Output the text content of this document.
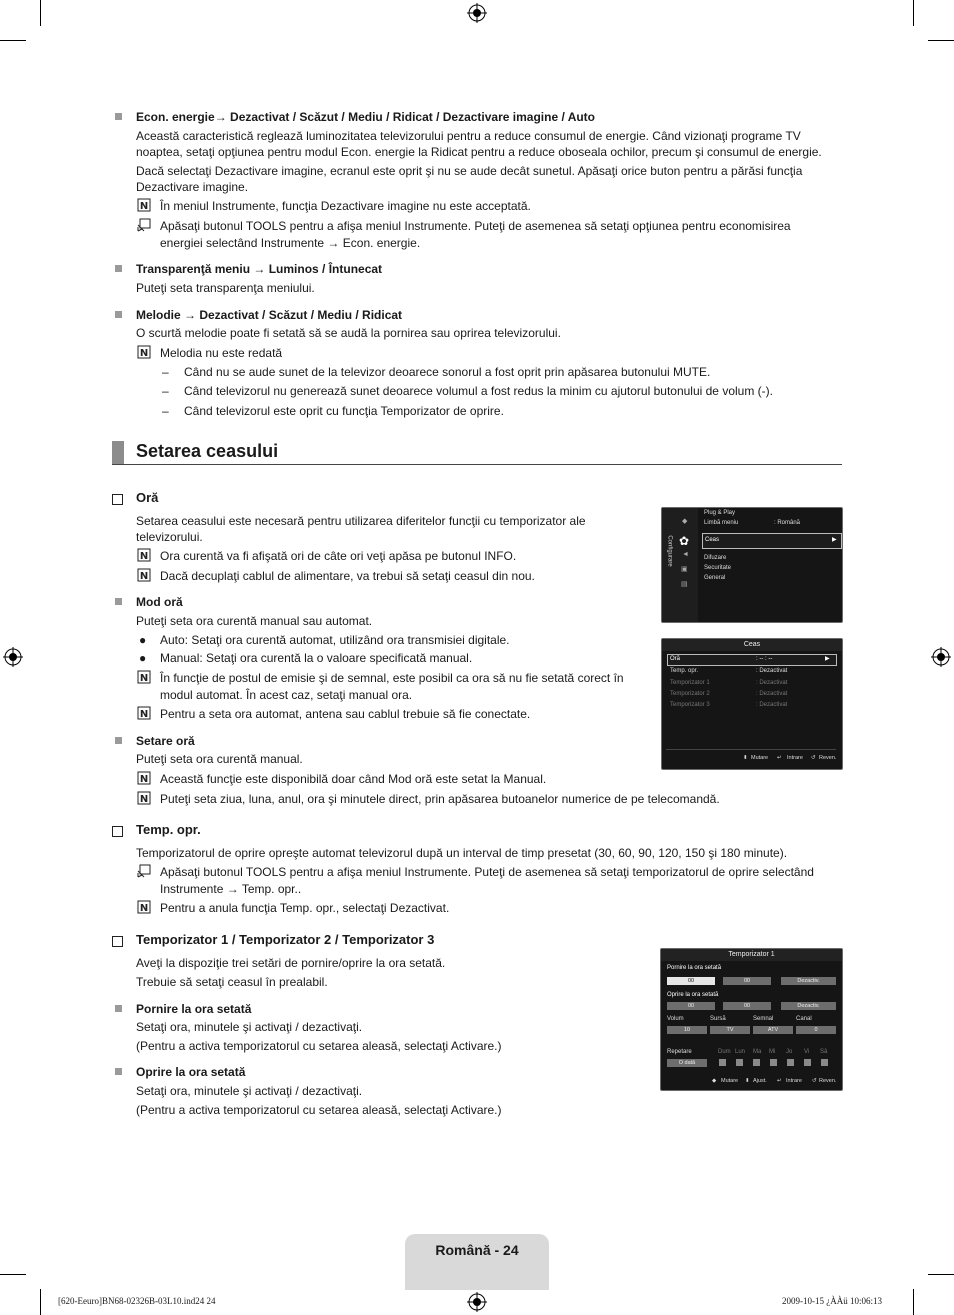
Econ. energie→ Dezactivat / Scăzut / Mediu / Ridicat / Dezactivare imagine / Auto
Această caracteristică reglează luminozitatea televizorului pentru a reduce consumul de energie. Când vizionaţi programe TV
noaptea, setaţi opţiunea pentru modul Econ. energie la Ridicat pentru a reduce oboseala ochilor, precum şi consumul de energie.
Dacă selectaţi Dezactivare imagine, ecranul este oprit şi nu se aude decât sunetul. Apăsaţi orice buton pentru a părăsi funcţia
Dezactivare imagine.
N În meniul Instrumente, funcţia Dezactivare imagine nu este acceptată.
Apăsaţi butonul TOOLS pentru a afişa meniul Instrumente. Puteţi de asemenea să setaţi opţiunea pentru economisirea
energiei selectând Instrumente → Econ. energie.
Transparenţă meniu → Luminos / Întunecat
Puteţi seta transparenţa meniului.
Melodie → Dezactivat / Scăzut / Mediu / Ridicat
O scurtă melodie poate fi setată să se audă la pornirea sau oprirea televizorului.
N Melodia nu este redată
– Când nu se aude sunet de la televizor deoarece sonorul a fost oprit prin apăsarea butonului MUTE.
– Când televizorul nu generează sunet deoarece volumul a fost redus la minim cu ajutorul butonului de volum (-).
– Când televizorul este oprit cu funcţia Temporizator de oprire.
Setarea ceasului
Oră
Setarea ceasului este necesară pentru utilizarea diferitelor funcţii cu temporizator ale
televizorului.
N Ora curentă va fi afişată ori de câte ori veţi apăsa pe butonul INFO.
N Dacă decuplaţi cablul de alimentare, va trebui să setaţi ceasul din nou.
Mod oră
Puteţi seta ora curentă manual sau automat.
● Auto: Setaţi ora curentă automat, utilizând ora transmisiei digitale.
● Manual: Setaţi ora curentă la o valoare specificată manual.
N În funcţie de postul de emisie şi de semnal, este posibil ca ora să nu fie setată corect în
modul automat. În acest caz, setaţi manual ora.
N Pentru a seta ora automat, antena sau cablul trebuie să fie conectate.
Setare oră
Puteţi seta ora curentă manual.
N Această funcţie este disponibilă doar când Mod oră este setat la Manual.
N Puteţi seta ziua, luna, anul, ora şi minutele direct, prin apăsarea butoanelor numerice de pe telecomandă.
Temp. opr.
Temporizatorul de oprire opreşte automat televizorul după un interval de timp presetat (30, 60, 90, 120, 150 şi 180 minute).
Apăsaţi butonul TOOLS pentru a afişa meniul Instrumente. Puteţi de asemenea să setaţi temporizatorul de oprire selectând
Instrumente → Temp. opr..
N Pentru a anula funcţia Temp. opr., selectaţi Dezactivat.
Temporizator 1 / Temporizator 2 / Temporizator 3
Aveţi la dispoziţie trei setări de pornire/oprire la ora setată.
Trebuie să setaţi ceasul în prealabil.
Pornire la ora setată
Setaţi ora, minutele şi activaţi / dezactivaţi.
(Pentru a activa temporizatorul cu setarea aleasă, selectaţi Activare.)
Oprire la ora setată
Setaţi ora, minutele şi activaţi / dezactivaţi.
(Pentru a activa temporizatorul cu setarea aleasă, selectaţi Activare.)
Configurare
◆
✿
◄
▣
▤
Plug & Play
Limbă meniu	: Română
Ceas	▶
Difuzare
Securitate
General
Ceas
Oră	: -- : --	▶
Temp. opr.	: Dezactivat
Temporizator 1	: Dezactivat
Temporizator 2	: Dezactivat
Temporizator 3	: Dezactivat
⬍ Mutare ↵ Intrare ↺ Reven.
Temporizator 1
Pornire la ora setată
00	00	Dezactiv.
Oprire la ora setată
00	00	Dezactiv.
Volum	Sursă	Semnal	Canal
10	TV	ATV	0
Repetare	Dum Lun Ma Mi Jo Vi Sâ
O dată
◆ Mutare ⬍ Ajust. ↵ Intrare ↺ Reven.
Română - 24
[620-Eeuro]BN68-02326B-03L10.ind24 24	2009-10-15 ¿ÀÀü 10:06:13
